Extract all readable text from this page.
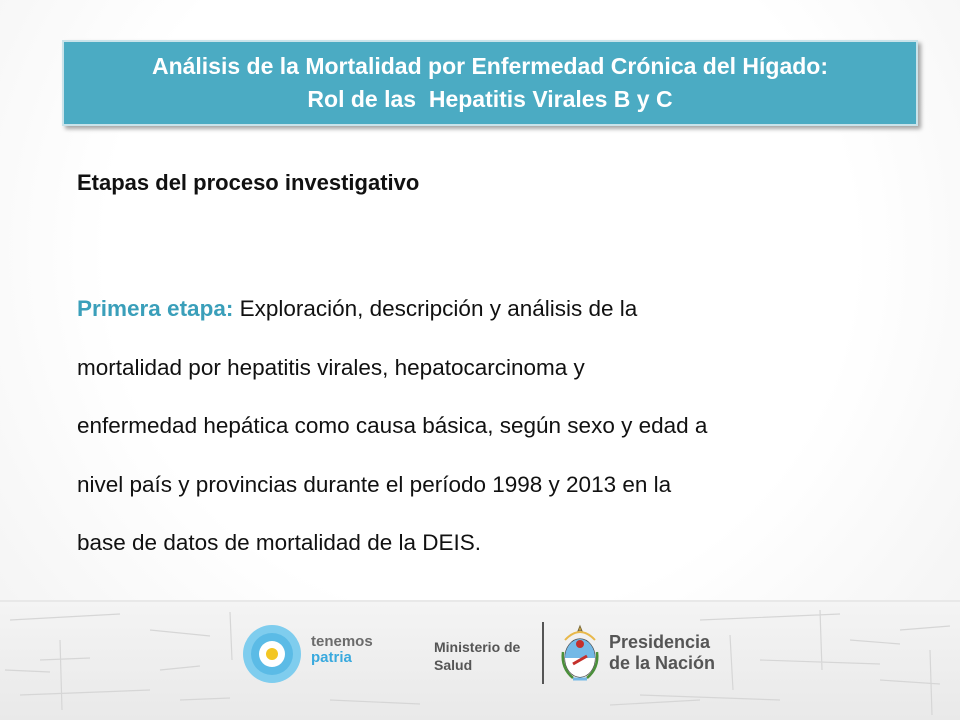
Análisis de la Mortalidad por Enfermedad Crónica del Hígado:
Rol de las  Hepatitis Virales B y C
Etapas del proceso investigativo
Primera etapa: Exploración, descripción y análisis de la
mortalidad por hepatitis virales, hepatocarcinoma y
enfermedad hepática como causa básica, según sexo y edad a
nivel país y provincias durante el período 1998 y 2013 en la
base de datos de mortalidad de la DEIS.
tenemos
patria
Ministerio de
Salud
Presidencia
de la Nación
